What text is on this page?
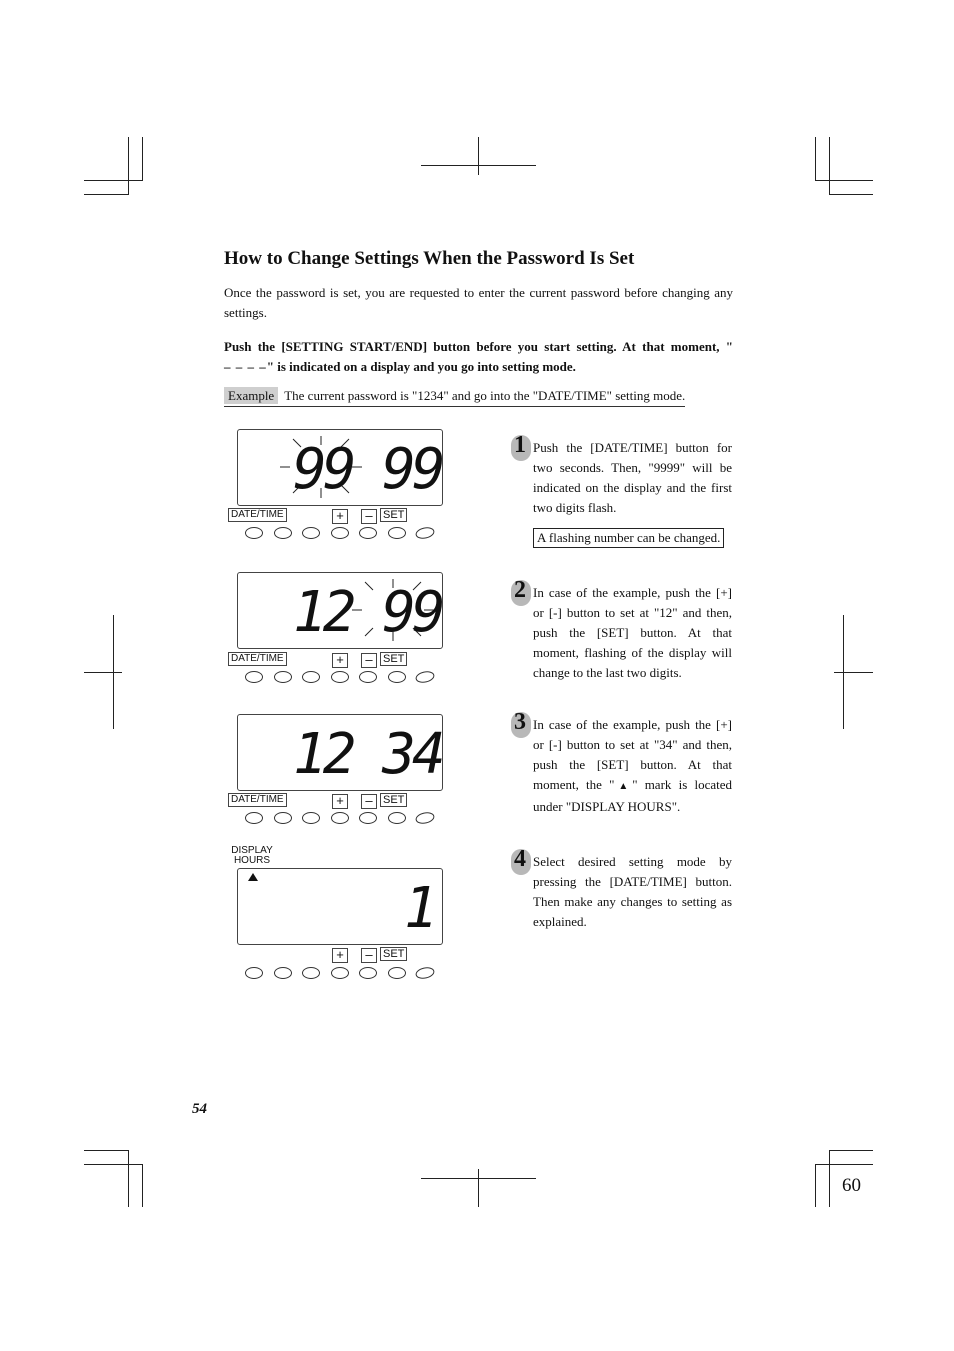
How to Change Settings When the Password Is Set
Once the password is set, you are requested to enter the current password before changing any settings.
Push the [SETTING START/END] button before you start setting. At that moment, "– – – –" is indicated on a display and you go into setting mode.
Example The current password is "1234" and go into the "DATE/TIME" setting mode.
99 99
DATE/TIME	+	– SET
12 99
DATE/TIME	+	– SET
12 34
DATE/TIME	+	– SET
DISPLAY
HOURS
1
+	– SET
1 Push the [DATE/TIME] button for two seconds. Then, "9999" will be indicated on the display and the first two digits flash.
A flashing number can be changed.
2 In case of the example, push the [+] or [-] button to set at "12" and then, push the [SET] button. At that moment, flashing of the display will change to the last two digits.
3 In case of the example, push the [+] or [-] button to set at "34" and then, push the [SET] button. At that moment, the "▲" mark is located under "DISPLAY HOURS".
4 Select desired setting mode by pressing the [DATE/TIME] button. Then make any changes to setting as explained.
54
60
